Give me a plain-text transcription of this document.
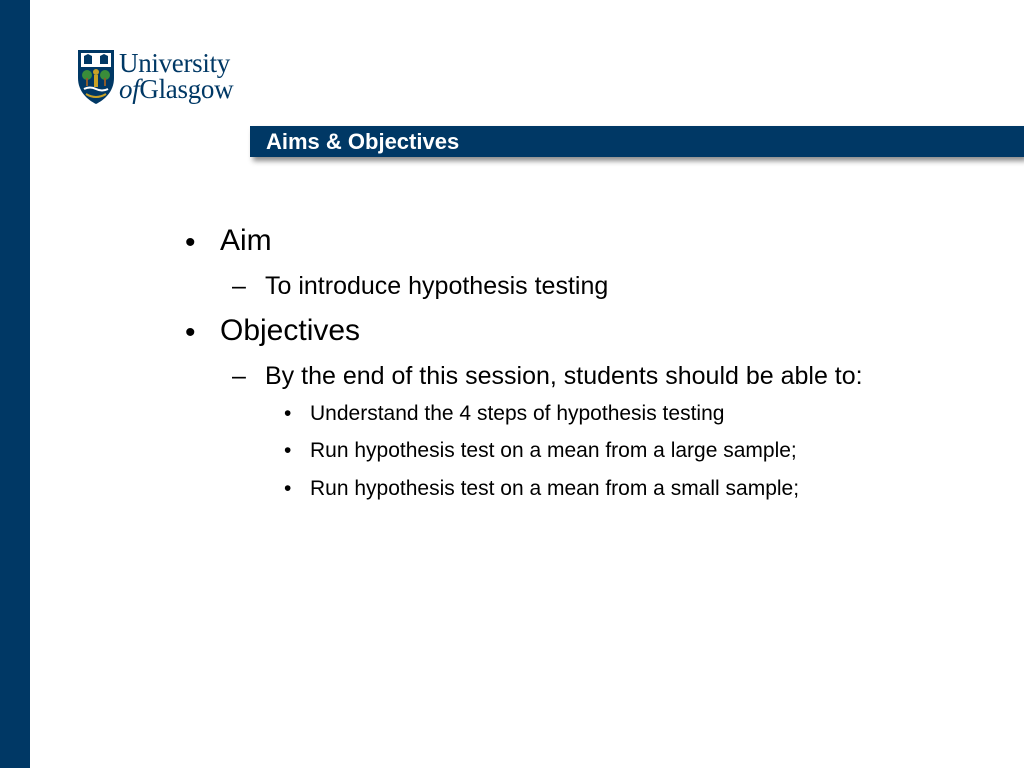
University
ofGlasgow
Aims & Objectives
• Aim
– To introduce hypothesis testing
• Objectives
– By the end of this session, students should be able to:
• Understand the 4 steps of hypothesis testing
• Run hypothesis test on a mean from a large sample;
• Run hypothesis test on a mean from a small sample;
